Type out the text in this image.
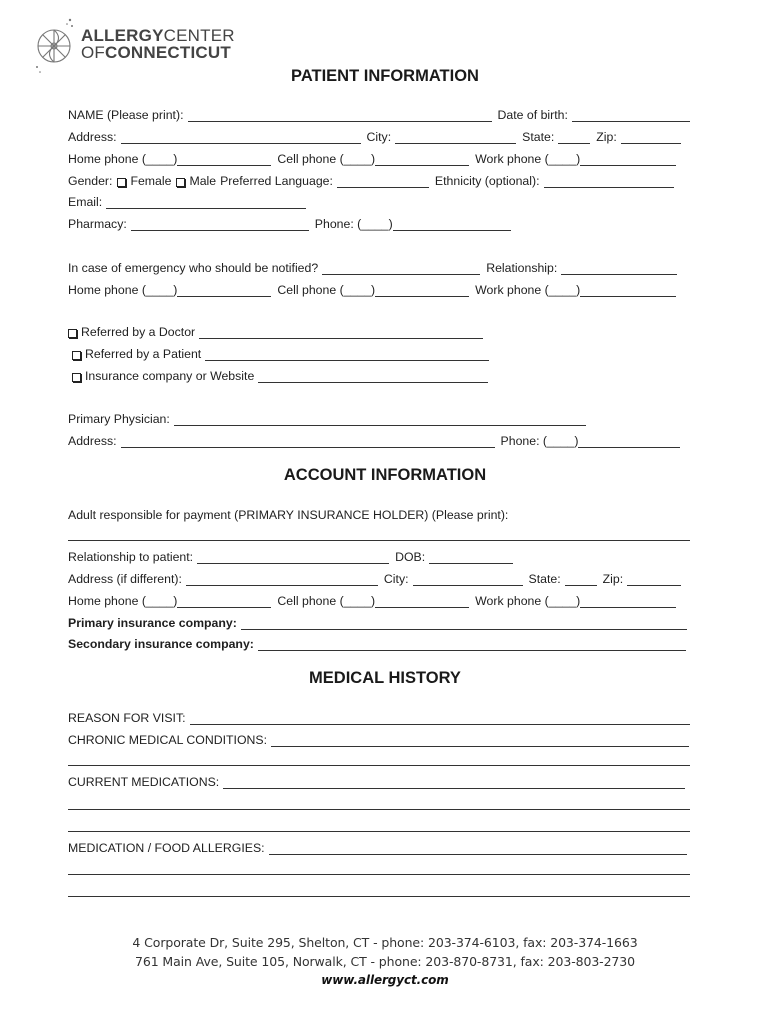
ALLERGYCENTER
OFCONNECTICUT
PATIENT INFORMATION
NAME (Please print):	Date of birth:
Address:	City:	State:	Zip:
Home phone (____)	Cell phone (____)	Work phone (____)
Gender: Female Male Preferred Language:	Ethnicity (optional):
Email:
Pharmacy:	Phone: (____)
In case of emergency who should be notified?	Relationship:
Home phone (____)	Cell phone (____)	Work phone (____)
Referred by a Doctor
Referred by a Patient
Insurance company or Website
Primary Physician:
Address:	Phone: (____)
ACCOUNT INFORMATION
Adult responsible for payment (PRIMARY INSURANCE HOLDER) (Please print):
Relationship to patient:	DOB:
Address (if different):	City:	State:	Zip:
Home phone (____)	Cell phone (____)	Work phone (____)
Primary insurance company:
Secondary insurance company:
MEDICAL HISTORY
REASON FOR VISIT:
CHRONIC MEDICAL CONDITIONS:
CURRENT MEDICATIONS:
MEDICATION / FOOD ALLERGIES:
4 Corporate Dr, Suite 295, Shelton, CT - phone: 203-374-6103, fax: 203-374-1663
761 Main Ave, Suite 105, Norwalk, CT - phone: 203-870-8731, fax: 203-803-2730
www.allergyct.com
